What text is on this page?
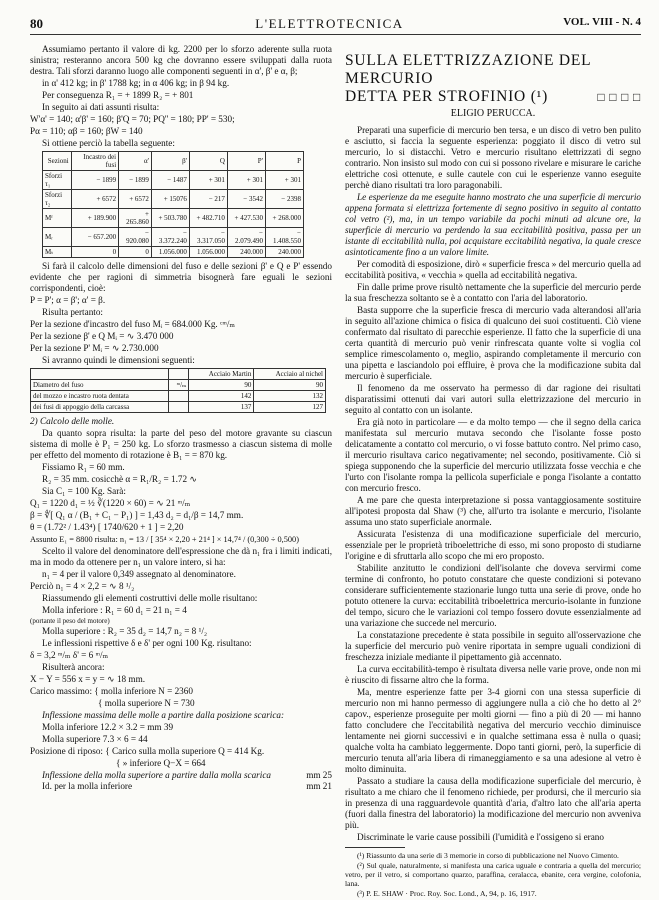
80	L'ELETTROTECNICA	VOL. VIII - N. 4

Assumiamo pertanto il valore di kg. 2200 per lo sforzo aderente sulla ruota sinistra; resteranno ancora 500 kg che dovranno essere sviluppati dalla ruota destra. Tali sforzi daranno luogo alle componenti seguenti in α', β' e α, β;

in α' 412 kg; in β' 1788 kg; in α 406 kg; in β 94 kg.

Per conseguenza R₁ = + 1899 R₂ = + 801

In seguito ai dati assunti risulta:

W'α' = 140; α'β' = 160; β'Q = 70; PQ'' = 180; PP' = 530;

Pα = 110; αβ = 160; βW = 140

Si ottiene perciò la tabella seguente:

Sezioni	Incastro dei fusi	α'	β'	Q	P'	P
Sforzi τ₁	− 1899	− 1899	− 1487	+ 301	+ 301	+ 301
Sforzi τ₂	+ 6572	+ 6572	+ 15076	− 217	− 3542	− 2398
Mᶠ	+ 189.900	+ 265.860	+ 503.780	+ 482.710	+ 427.530	+ 268.000
Mᵣ	− 657.200	− 920.080	− 3.372.240	− 3.317.050	− 2.079.490	− 1.408.550
Mₜ	0	0	1.056.000	1.056.000	240.000	240.000

Si farà il calcolo delle dimensioni del fuso e delle sezioni β' e Q e P' essendo evidente che per ragioni di simmetria bisognerà fare eguali le sezioni corrispondenti, cioè:

P = P'; α = β'; α' = β.

Risulta pertanto:

Per la sezione d'incastro del fuso Mᵢ = 684.000 Kg. ᶜᵐ/ₘ

Per la sezione β' e Q Mᵢ = ∿ 3.470 000

Per la sezione P' Mᵢ = ∿ 2.730.000

Si avranno quindi le dimensioni seguenti:

		Acciaio Martin	Acciaio al nichel
Diametro del fuso	ᵐ/ₘ	90	90
del mozzo e incastro ruota dentata		142	132
dei fusi di appoggio della carcassa		137	127

2) Calcolo delle molle.

Da quanto sopra risulta: la parte del peso del motore gravante su ciascun sistema di molle è P₁ = 250 kg. Lo sforzo trasmesso a ciascun sistema di molle per effetto del momento di rotazione è B₁ = = 870 kg.

Fissiamo R₁ = 60 mm.

R₂ = 35 mm. cosicchè α = R₁/R₂ = 1.72 ∿

Sia C₁ = 100 Kg. Sarà:

Q₁ = 1220 d₁ = ½ ∛(1220 × 60) = ∿ 21 ᵐ/ₘ

β = ∜[ Q₁ α / (B₁ + C₁ − P₁) ] = 1,43 d₂ = d₁/β = 14,7 mm.

θ = (1.72² / 1.43⁴) [ 1740/620 + 1 ] = 2,20

Assunto E₁ = 8800 risulta: n₁ = 13 / [ 35⁴ × 2,20 + 21⁴ ] × 14,7⁴ / (0,300 ÷ 0,500)

Scelto il valore del denominatore dell'espressione che dà n₁ fra i limiti indicati, ma in modo da ottenere per n₁ un valore intero, si ha:

n₁ = 4 per il valore 0,349 assegnato al denominatore.

Perciò n₁ = 4 × 2,2 = ∿ 8 ¹/₂

Riassumendo gli elementi costruttivi delle molle risultano:

Molla inferiore : R₁ = 60 d₁ = 21 n₁ = 4

(portante il peso del motore)

Molla superiore : R₂ = 35 d₂ = 14,7 n₂ = 8 ¹/₂

Le inflessioni rispettive δ e δ' per ogni 100 Kg. risultano:

δ = 3,2 ᵐ/ₘ δ' = 6 ᵐ/ₘ

Risulterà ancora:

X − Y = 556 x = y = ∿ 18 mm.

Carico massimo: { molla inferiore N = 2360

{ molla superiore N = 730

Inflessione massima delle molle a partire dalla posizione scarica:

Molla inferiore 12.2 × 3.2 = mm 39

Molla superiore 7.3 × 6 = 44

Posizione di riposo: { Carico sulla molla superiore Q = 414 Kg.

{ » inferiore Q−X = 664

Inflessione della molla superiore a partire dalla molla scarica	mm 25
Id. per la molla inferiore	mm 21
SULLA ELETTRIZZAZIONE DEL MERCURIO
DETTA PER STROFINIO (¹)	□ □ □ □
ELIGIO PERUCCA.

Preparati una superficie di mercurio ben tersa, e un disco di vetro ben pulito e asciutto, si faccia la seguente esperienza: poggiato il disco di vetro sul mercurio, lo si distacchi. Vetro e mercurio risultano elettrizzati di segno contrario. Non insisto sul modo con cui si possono rivelare e misurare le cariche elettriche così ottenute, e sulle cautele con cui le esperienze vanno eseguite perchè diano risultati tra loro paragonabili.

Le esperienze da me eseguite hanno mostrato che una superficie di mercurio appena formata si elettrizza fortemente di segno positivo in seguito al contatto col vetro (²), ma, in un tempo variabile da pochi minuti ad alcune ore, la superficie di mercurio va perdendo la sua eccitabilità positiva, passa per un istante di eccitabilità nulla, poi acquistare eccitabilità negativa, la quale cresce asintoticamente fino a un valore limite.

Per comodità di esposizione, dirò « superficie fresca » del mercurio quella ad eccitabilità positiva, « vecchia » quella ad eccitabilità negativa.

Fin dalle prime prove risultò nettamente che la superficie del mercurio perde la sua freschezza soltanto se è a contatto con l'aria del laboratorio.

Basta supporre che la superficie fresca di mercurio vada alterandosi all'aria in seguito all'azione chimica o fisica di qualcuno dei suoi costituenti. Ciò viene confermato dal risultato di parecchie esperienze. Il fatto che la superficie di una certa quantità di mercurio può venir rinfrescata quante volte si voglia col semplice rimescolamento o, meglio, aspirando completamente il mercurio con una pipetta e lasciandolo poi effluire, è prova che la modificazione subita dal mercurio è superficiale.

Il fenomeno da me osservato ha permesso di dar ragione dei risultati disparatissimi ottenuti dai vari autori sulla elettrizzazione del mercurio in seguito al contatto con un isolante.

Era già noto in particolare — e da molto tempo — che il segno della carica manifestata sul mercurio mutava secondo che l'isolante fosse posto delicatamente a contatto col mercurio, o vi fosse battuto contro. Nel primo caso, il mercurio risultava carico negativamente; nel secondo, positivamente. Ciò si spiega supponendo che la superficie del mercurio utilizzata fosse vecchia e che l'urto con l'isolante rompa la pellicola superficiale e ponga l'isolante a contatto con mercurio fresco.

A me pare che questa interpretazione si possa vantaggiosamente sostituire all'ipotesi proposta dal Shaw (³) che, all'urto tra isolante e mercurio, l'isolante assuma uno stato superficiale anormale.

Assicurata l'esistenza di una modificazione superficiale del mercurio, essenziale per le proprietà triboelettriche di esso, mi sono proposto di studiarne l'origine e di sfruttarla allo scopo che mi ero proposto.

Stabilite anzitutto le condizioni dell'isolante che doveva servirmi come termine di confronto, ho potuto constatare che queste condizioni si potevano considerare sufficientemente stazionarie lungo tutta una serie di prove, onde ho potuto ottenere la curva: eccitabilità triboelettrica mercurio-isolante in funzione del tempo, sicuro che le variazioni col tempo fossero dovute essenzialmente ad una variazione che succede nel mercurio.

La constatazione precedente è stata possibile in seguito all'osservazione che la superficie del mercurio può venire riportata in sempre uguali condizioni di freschezza iniziale mediante il pipettamento già accennato.

La curva eccitabilità-tempo è risultata diversa nelle varie prove, onde non mi è riuscito di fissarne altro che la forma.

Ma, mentre esperienze fatte per 3-4 giorni con una stessa superficie di mercurio non mi hanno permesso di aggiungere nulla a ciò che ho detto al 2° capov., esperienze proseguite per molti giorni — fino a più di 20 — mi hanno fatto concludere che l'eccitabilità negativa del mercurio vecchio diminuisce lentamente nei giorni successivi e in qualche settimana essa è nulla o quasi; qualche volta ha cambiato leggermente. Dopo tanti giorni, però, la superficie di mercurio tenuta all'aria libera di rimaneggiamento e sa una adesione al vetro è molto diminuita.

Passato a studiare la causa della modificazione superficiale del mercurio, è risultato a me chiaro che il fenomeno richiede, per prodursi, che il mercurio sia in presenza di una ragguardevole quantità d'aria, d'altro lato che all'aria aperta (fuori dalla finestra del laboratorio) la modificazione del mercurio non avveniva più.

Discriminate le varie cause possibili (l'umidità e l'ossigeno si erano

(¹) Riassunto da una serie di 3 memorie in corso di pubblicazione nel Nuovo Cimento.

(²) Sul quale, naturalmente, si manifesta una carica uguale e contraria a quella del mercurio; vetro, per il vetro, si comportano quarzo, paraffina, ceralacca, ebanite, cera vergine, colofonia, lana.

(³) P. E. SHAW · Proc. Roy. Soc. Lond., A, 94, p. 16, 1917.
